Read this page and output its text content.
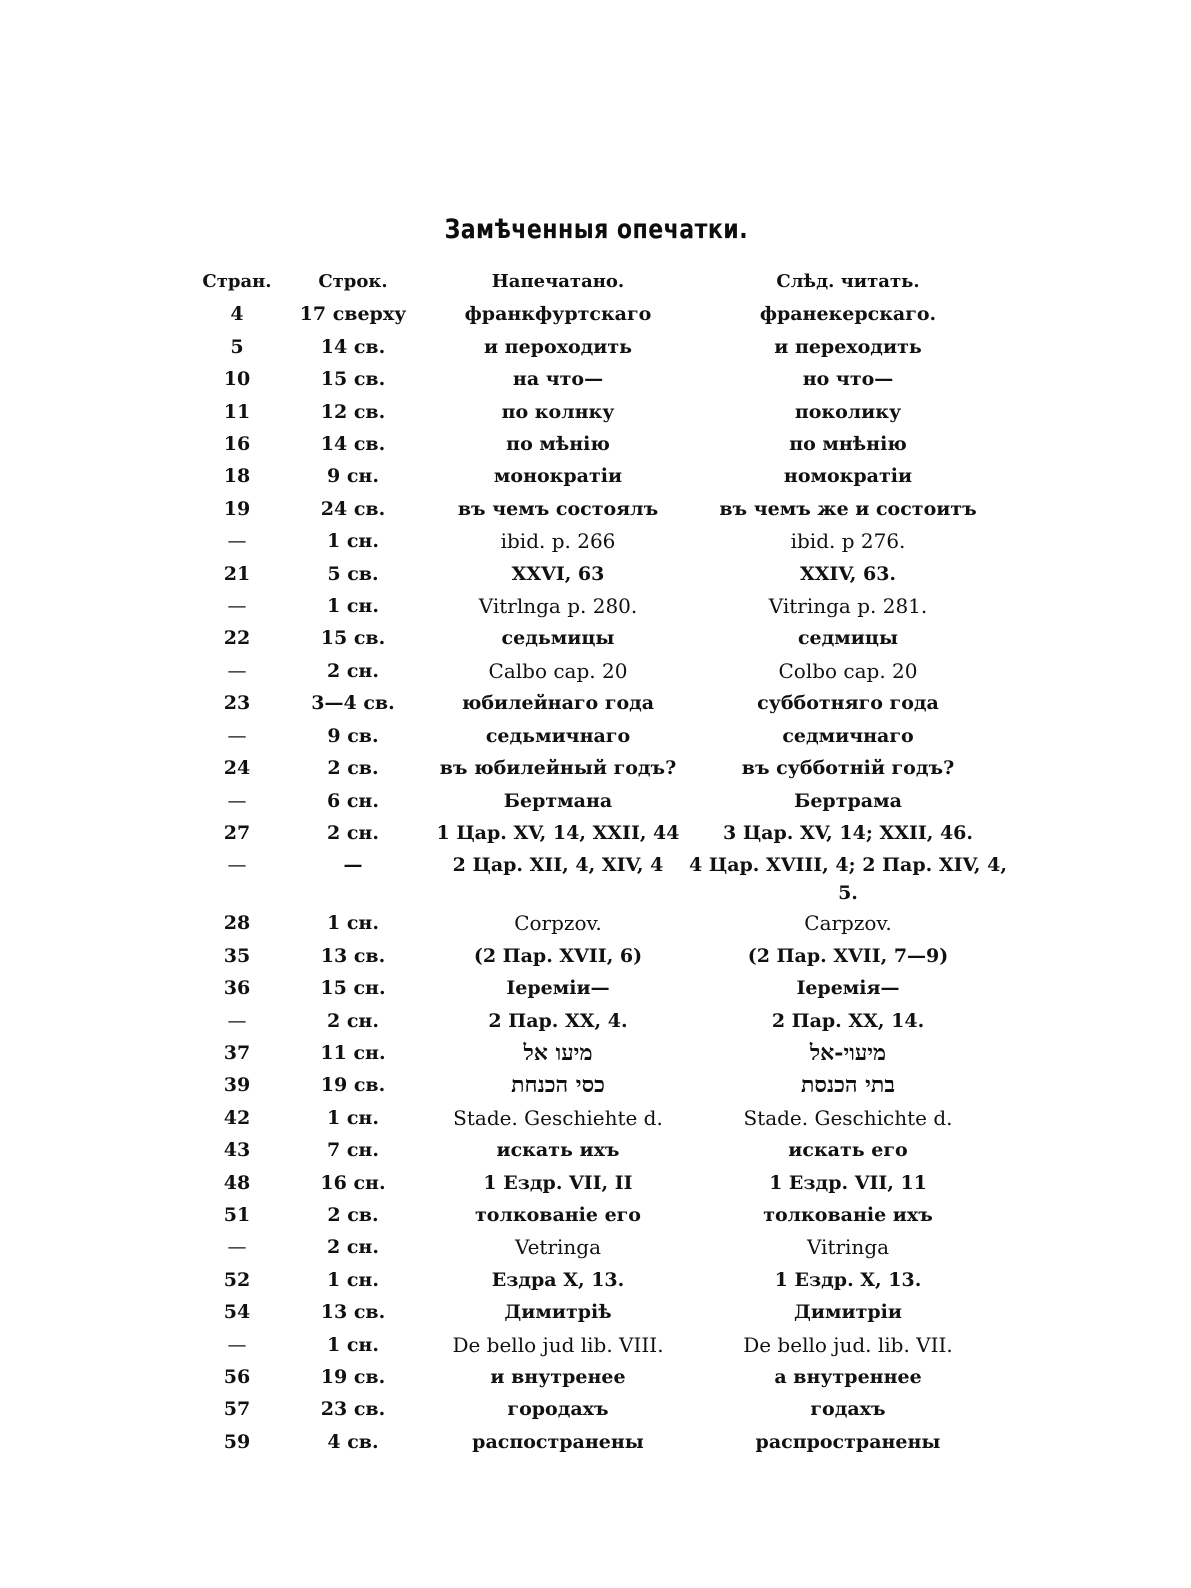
Замѣченныя опечатки.
Стран.	Строк.	Напечатано.	Слѣд. читать.
4	17 сверху	франкфуртскаго	франекерскаго.
5	14 св.	и пероходить	и переходить
10	15 св.	на что—	но что—
11	12 св.	по колнку	поколику
16	14 св.	по мѣнію	по мнѣнію
18	9 сн.	монократіи	номократіи
19	24 св.	въ чемъ состоялъ	въ чемъ же и состоитъ
—	1 сн.	ibid. p. 266	ibid. p 276.
21	5 св.	XXVI, 63	XXIV, 63.
—	1 сн.	Vitrlnga p. 280.	Vitringa p. 281.
22	15 св.	седьмицы	седмицы
—	2 сн.	Calbo cap. 20	Colbo cap. 20
23	3—4 св.	юбилейнаго года	субботняго года
—	9 св.	седьмичнаго	седмичнаго
24	2 св.	въ юбилейный годъ?	въ субботній годъ?
—	6 сн.	Бертмана	Бертрама
27	2 сн.	1 Цар. XV, 14, XXII, 44	3 Цар. XV, 14; XXII, 46.
—	—	2 Цар. XII, 4, XIV, 4	4 Цар. XVIII, 4; 2 Пар. XIV, 4, 5.
28	1 сн.	Corpzov.	Carpzov.
35	13 св.	(2 Пар. XVII, 6)	(2 Пар. XVII, 7—9)
36	15 сн.	Іереміи—	Іеремія—
—	2 сн.	2 Пар. XX, 4.	2 Пар. XX, 14.
37	11 сн.	מיעו אל	מיעוי-אל
39	19 св.	כסי הכנחת	בתי הכנסת
42	1 сн.	Stade. Geschiehte d.	Stade. Geschichte d.
43	7 сн.	искать ихъ	искать его
48	16 сн.	1 Ездр. VII, II	1 Ездр. VII, 11
51	2 св.	толкованіе его	толкованіе ихъ
—	2 сн.	Vetringa	Vitringa
52	1 сн.	Ездра X, 13.	1 Ездр. X, 13.
54	13 св.	Димитріѣ	Димитріи
—	1 сн.	De bello jud lib. VIII.	De bello jud. lib. VII.
56	19 св.	и внутренее	а внутреннее
57	23 св.	городахъ	годахъ
59	4 св.	распостранены	распространены
